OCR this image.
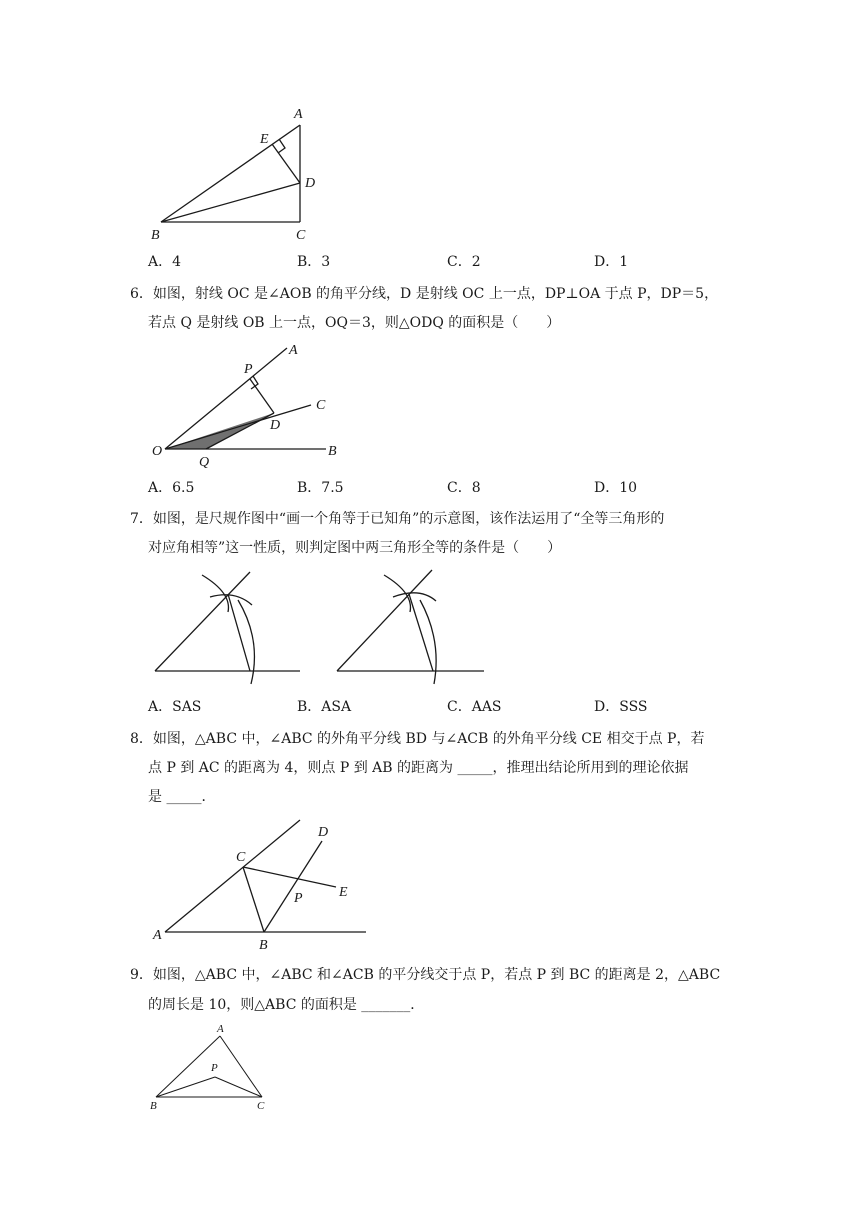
A
E
D
B	C
A．4	B．3	C．2	D．1
6．如图，射线 OC 是∠AOB 的角平分线，D 是射线 OC 上一点，DP⊥OA 于点 P，DP＝5，
若点 Q 是射线 OB 上一点，OQ＝3，则△ODQ 的面积是（　　）
A
P
C
D
O
Q
B
A．6.5	B．7.5	C．8	D．10
7．如图，是尺规作图中“画一个角等于已知角”的示意图，该作法运用了“全等三角形的
对应角相等”这一性质，则判定图中两三角形全等的条件是（　　）
A．SAS	B．ASA	C．AAS	D．SSS
8．如图，△ABC 中，∠ABC 的外角平分线 BD 与∠ACB 的外角平分线 CE 相交于点 P，若
点 P 到 AC 的距离为 4，则点 P 到 AB 的距离为 _____，推理出结论所用到的理论依据
是 _____．
C
D
E
P
A
B
9．如图，△ABC 中，∠ABC 和∠ACB 的平分线交于点 P，若点 P 到 BC 的距离是 2，△ABC
的周长是 10，则△ABC 的面积是 _______．
A
P
B	C
